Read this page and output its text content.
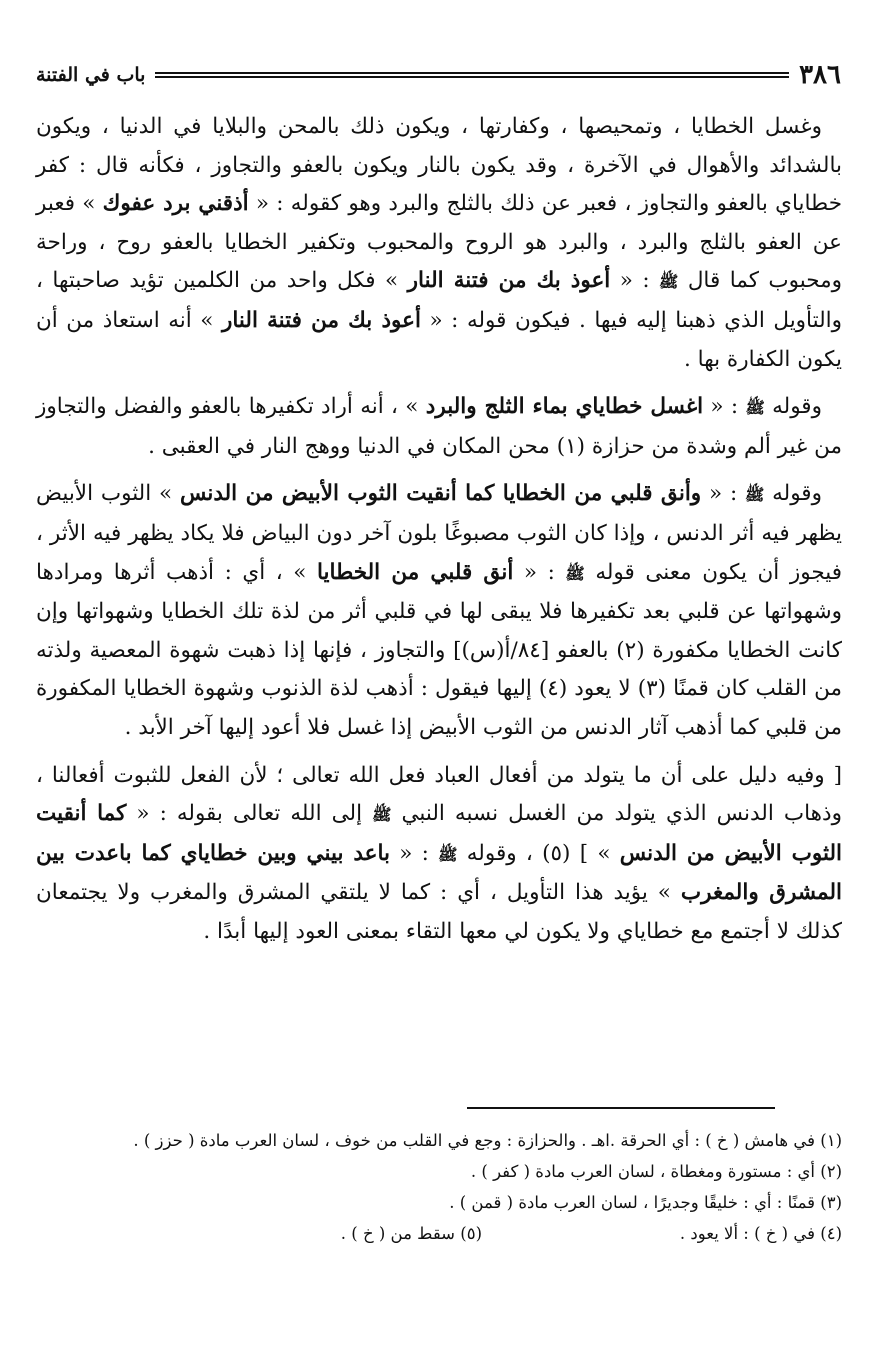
٣٨٦
باب في الفتنة

وغسل الخطايا ، وتمحيصها ، وكفارتها ، ويكون ذلك بالمحن والبلايا في الدنيا ، ويكون بالشدائد والأهوال في الآخرة ، وقد يكون بالنار ويكون بالعفو والتجاوز ، فكأنه قال : كفر خطاياي بالعفو والتجاوز ، فعبر عن ذلك بالثلج والبرد وهو كقوله : « أذقني برد عفوك » فعبر عن العفو بالثلج والبرد ، والبرد هو الروح والمحبوب وتكفير الخطايا بالعفو روح ، وراحة ومحبوب كما قال ﷺ : « أعوذ بك من فتنة النار » فكل واحد من الكلمين تؤيد صاحبتها ، والتأويل الذي ذهبنا إليه فيها . فيكون قوله : « أعوذ بك من فتنة النار » أنه استعاذ من أن يكون الكفارة بها .

وقوله ﷺ : « اغسل خطاياي بماء الثلج والبرد » ، أنه أراد تكفيرها بالعفو والفضل والتجاوز من غير ألم وشدة من حزازة (١) محن المكان في الدنيا ووهج النار في العقبى .

وقوله ﷺ : « وأنق قلبي من الخطايا كما أنقيت الثوب الأبيض من الدنس » الثوب الأبيض يظهر فيه أثر الدنس ، وإذا كان الثوب مصبوغًا بلون آخر دون البياض فلا يكاد يظهر فيه الأثر ، فيجوز أن يكون معنى قوله ﷺ : « أنق قلبي من الخطايا » ، أي : أذهب أثرها ومرادها وشهواتها عن قلبي بعد تكفيرها فلا يبقى لها في قلبي أثر من لذة تلك الخطايا وشهواتها وإن كانت الخطايا مكفورة (٢) بالعفو [٨٤/أ(س)] والتجاوز ، فإنها إذا ذهبت شهوة المعصية ولذته من القلب كان قمنًا (٣) لا يعود (٤) إليها فيقول : أذهب لذة الذنوب وشهوة الخطايا المكفورة من قلبي كما أذهب آثار الدنس من الثوب الأبيض إذا غسل فلا أعود إليها آخر الأبد .

[ وفيه دليل على أن ما يتولد من أفعال العباد فعل الله تعالى ؛ لأن الفعل للثبوت أفعالنا ، وذهاب الدنس الذي يتولد من الغسل نسبه النبي ﷺ إلى الله تعالى بقوله : « كما أنقيت الثوب الأبيض من الدنس » ] (٥) ، وقوله ﷺ : « باعد بيني وبين خطاياي كما باعدت بين المشرق والمغرب » يؤيد هذا التأويل ، أي : كما لا يلتقي المشرق والمغرب ولا يجتمعان كذلك لا أجتمع مع خطاياي ولا يكون لي معها التقاء بمعنى العود إليها أبدًا .

(١) في هامش ( خ ) : أي الحرقة .اهـ . والحزازة : وجع في القلب من خوف ، لسان العرب مادة ( حزز ) .

(٢) أي : مستورة ومغطاة ، لسان العرب مادة ( كفر ) .

(٣) قمنًا : أي : خليقًا وجديرًا ، لسان العرب مادة ( قمن ) .

(٤) في ( خ ) : ألا يعود .

(٥) سقط من ( خ ) .
